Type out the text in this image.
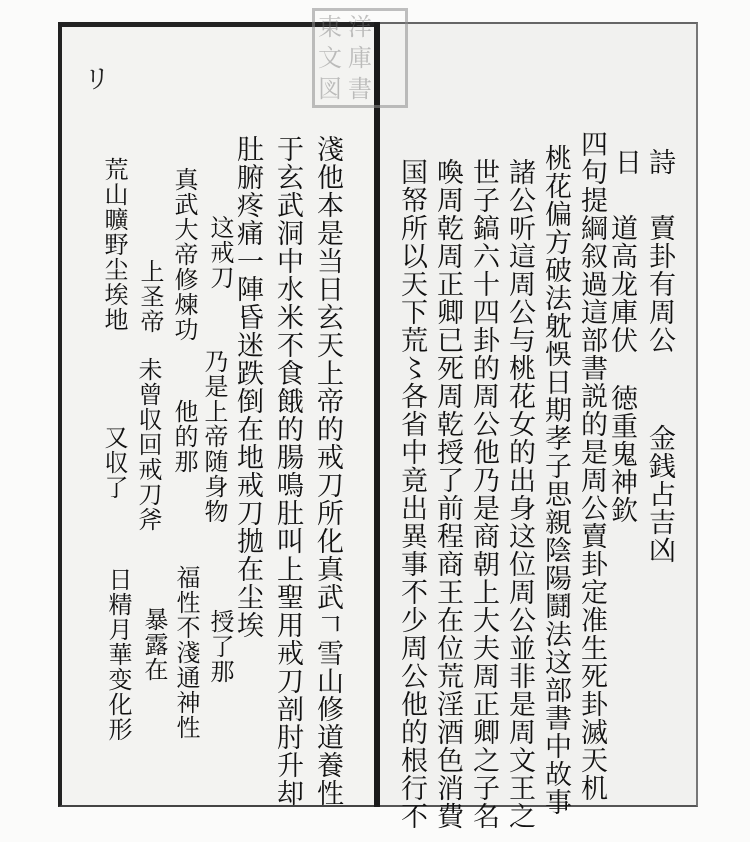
リ
淺他本是当日玄天上帝的戒刀所化真武𠃍雪山修道養性
于玄武洞中水米不食餓的腸鳴肚叫上聖用戒刀剖肘升却
肚腑疼痛一陣昏迷跌倒在地戒刀拋在尘埃
乃是上帝随身物
授了那
这戒刀
他的那
福性不淺通神性
真武大帝修煉功
未曾収回戒刀斧
暴露在
上圣帝
荒山曠野尘埃地
又収了
日精月華变化形
詩
賣卦有周公
金銭占吉凶
道高龙庫伏
徳重鬼神欽
日
四句提綱叙過這部書説的是周公賣卦定准生死卦滅天机
桃花偏方破法躭悞日期孝子思親陰陽鬪法这部書中故事
諸公听這周公与桃花女的出身这位周公並非是周文王之
世子鎬六十四卦的周公他乃是商朝上大夫周正卿之子名
喚周乾周正卿已死周乾授了前程商王在位荒淫酒色消費
国帑所以天下荒〻各省中竟出異事不少周公他的根行不
東 洋
文 庫
図 書
